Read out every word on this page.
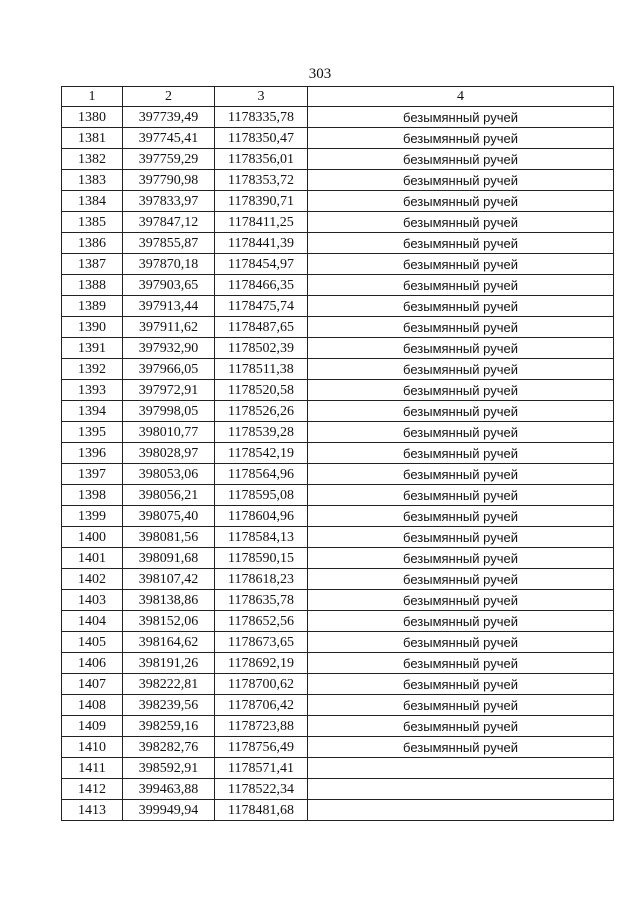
303
1	2	3	4
1380	397739,49	1178335,78	безымянный ручей
1381	397745,41	1178350,47	безымянный ручей
1382	397759,29	1178356,01	безымянный ручей
1383	397790,98	1178353,72	безымянный ручей
1384	397833,97	1178390,71	безымянный ручей
1385	397847,12	1178411,25	безымянный ручей
1386	397855,87	1178441,39	безымянный ручей
1387	397870,18	1178454,97	безымянный ручей
1388	397903,65	1178466,35	безымянный ручей
1389	397913,44	1178475,74	безымянный ручей
1390	397911,62	1178487,65	безымянный ручей
1391	397932,90	1178502,39	безымянный ручей
1392	397966,05	1178511,38	безымянный ручей
1393	397972,91	1178520,58	безымянный ручей
1394	397998,05	1178526,26	безымянный ручей
1395	398010,77	1178539,28	безымянный ручей
1396	398028,97	1178542,19	безымянный ручей
1397	398053,06	1178564,96	безымянный ручей
1398	398056,21	1178595,08	безымянный ручей
1399	398075,40	1178604,96	безымянный ручей
1400	398081,56	1178584,13	безымянный ручей
1401	398091,68	1178590,15	безымянный ручей
1402	398107,42	1178618,23	безымянный ручей
1403	398138,86	1178635,78	безымянный ручей
1404	398152,06	1178652,56	безымянный ручей
1405	398164,62	1178673,65	безымянный ручей
1406	398191,26	1178692,19	безымянный ручей
1407	398222,81	1178700,62	безымянный ручей
1408	398239,56	1178706,42	безымянный ручей
1409	398259,16	1178723,88	безымянный ручей
1410	398282,76	1178756,49	безымянный ручей
1411	398592,91	1178571,41	
1412	399463,88	1178522,34	
1413	399949,94	1178481,68	
